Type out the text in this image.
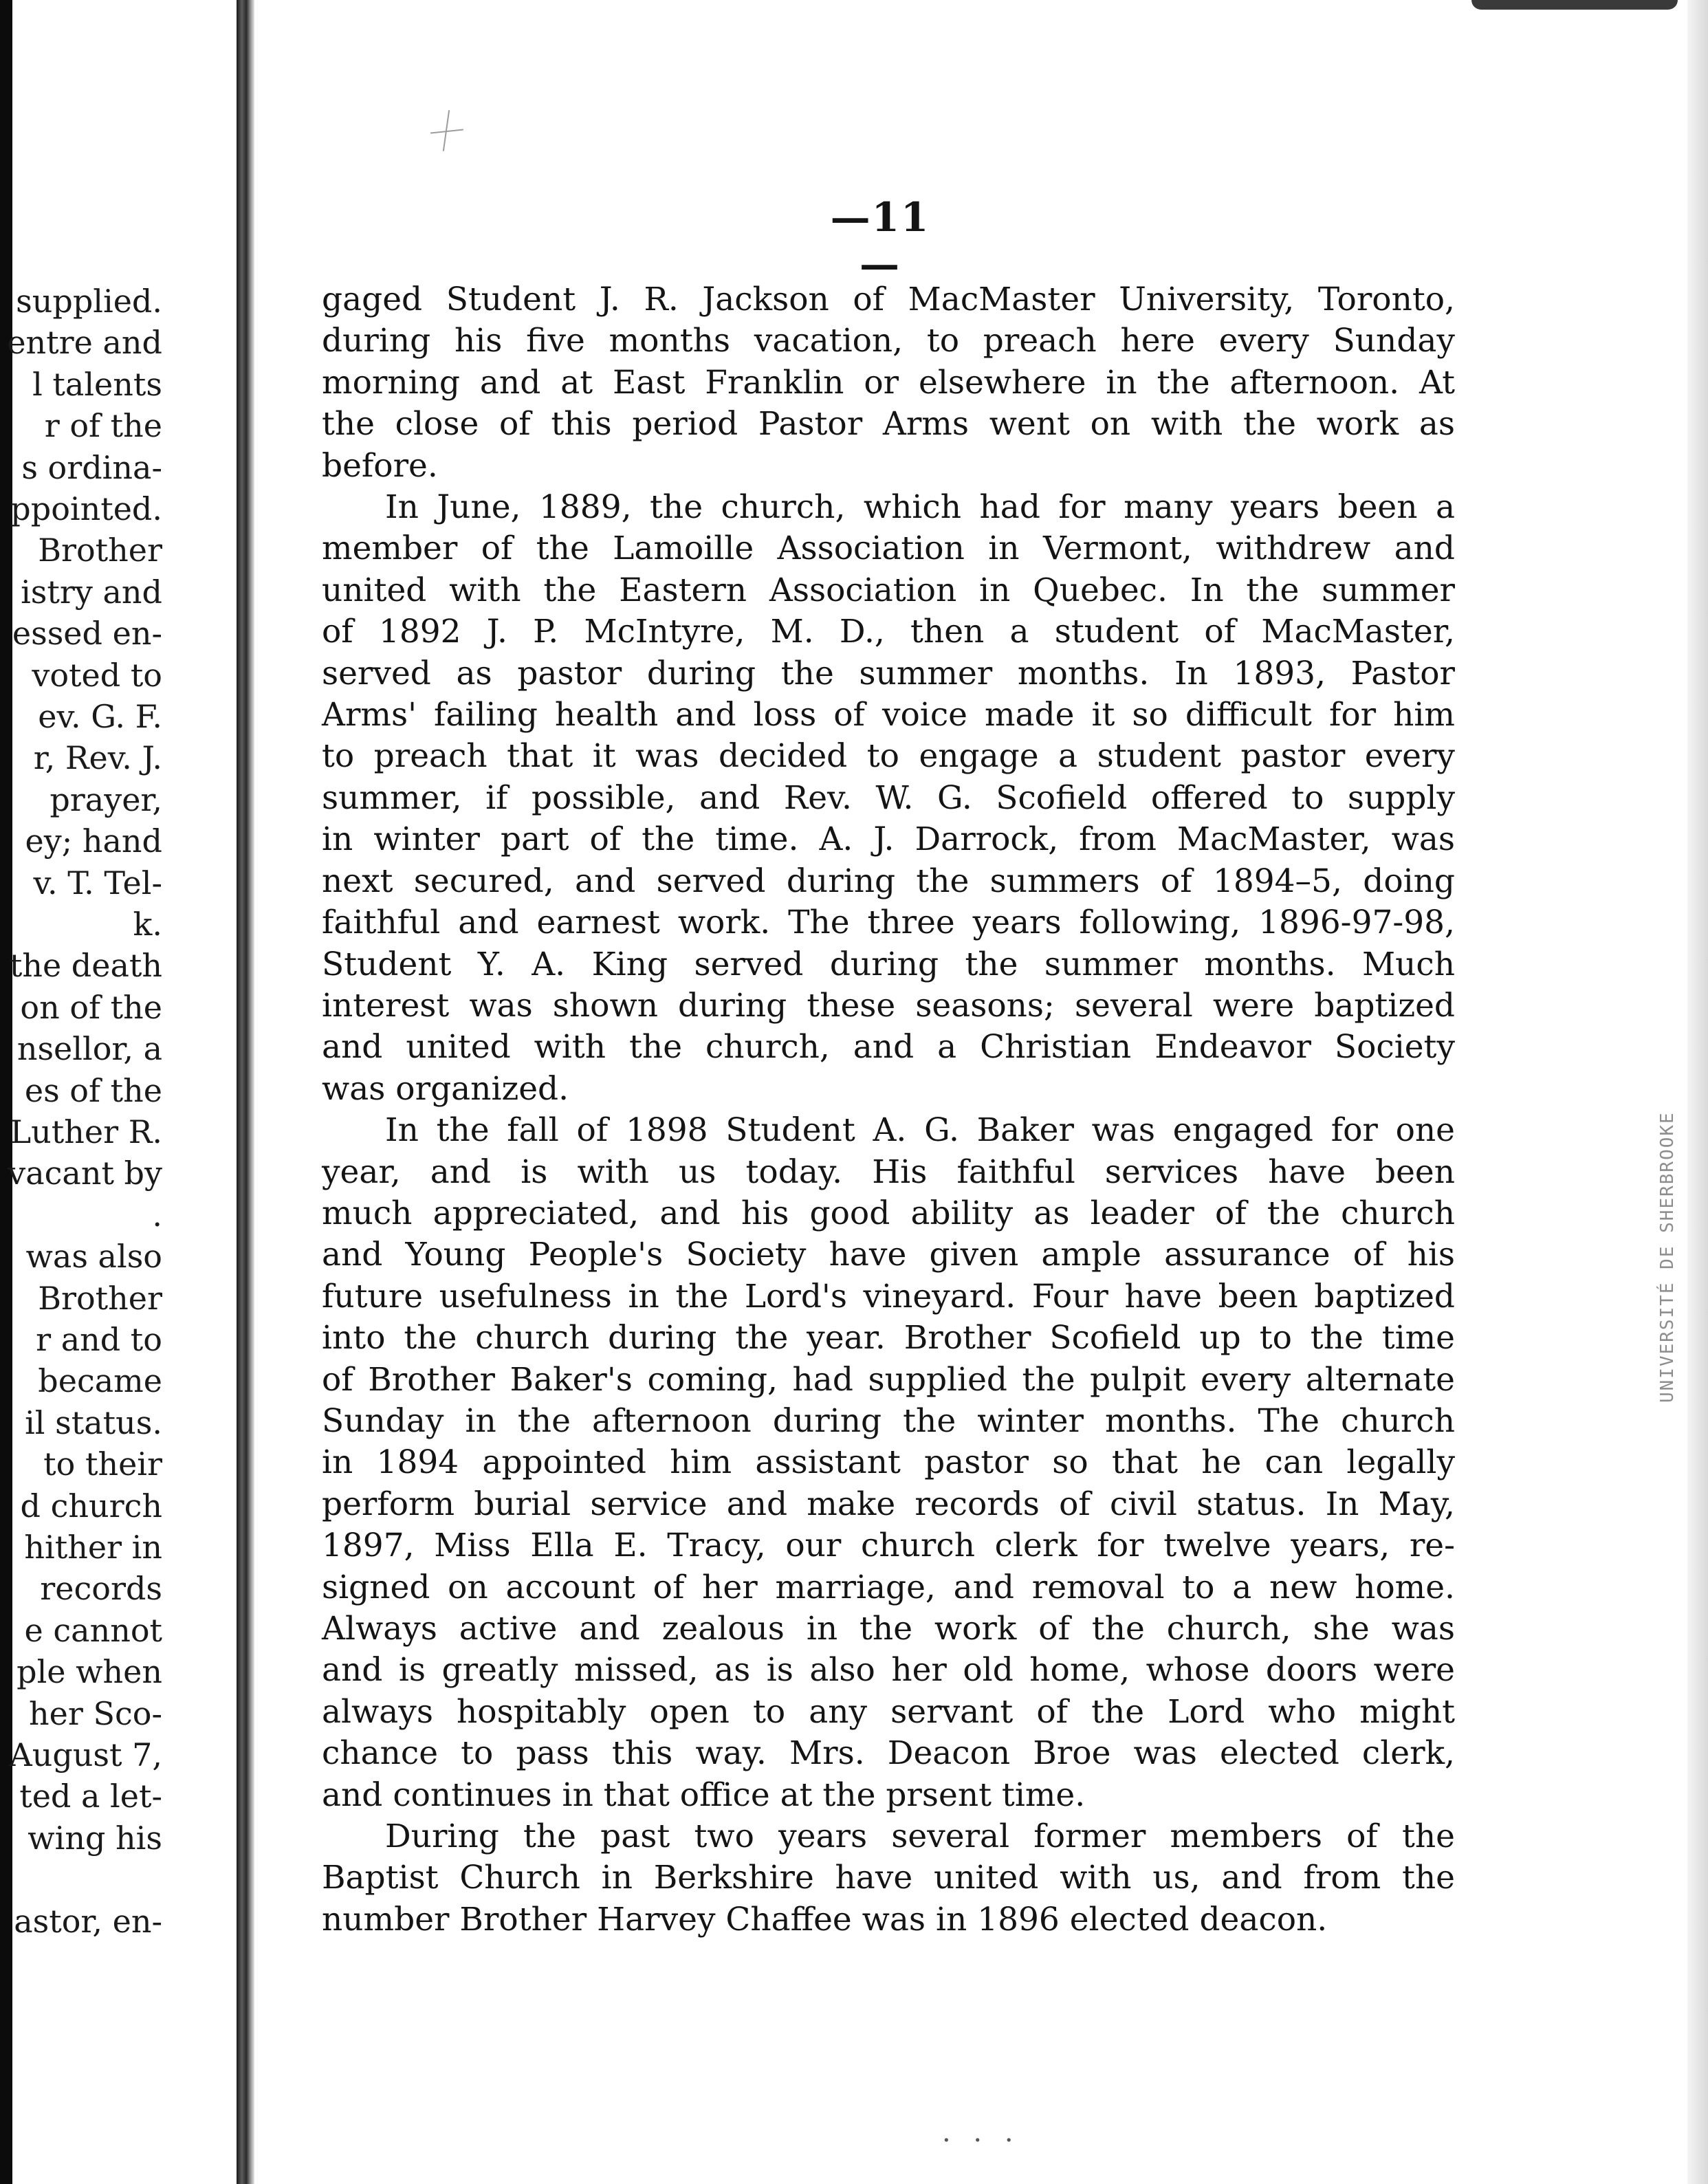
UNIVERSITÉ DE SHERBROOKE
supplied.
entre and
l talents
r of the
s ordina-
ppointed.
Brother
istry and
essed en-
voted to
ev. G. F.
r, Rev. J.
prayer,
ey; hand
v. T. Tel-
k.
the death
on of the
nsellor, a
es of the
Luther R.
vacant by
.
was also
Brother
r and to
became
il status.
to their
d church
hither in
records
e cannot
ple when
her Sco-
August 7,
ted a let-
wing his
astor, en-
—11—
gaged Student J. R. Jackson of MacMaster University, Toronto,
during his five months vacation, to preach here every Sunday
morning and at East Franklin or elsewhere in the afternoon. At
the close of this period Pastor Arms went on with the work as
before.
In June, 1889, the church, which had for many years been a
member of the Lamoille Association in Vermont, withdrew and
united with the Eastern Association in Quebec. In the summer
of 1892 J. P. McIntyre, M. D., then a student of MacMaster,
served as pastor during the summer months. In 1893, Pastor
Arms' failing health and loss of voice made it so difficult for him
to preach that it was decided to engage a student pastor every
summer, if possible, and Rev. W. G. Scofield offered to supply
in winter part of the time. A. J. Darrock, from MacMaster, was
next secured, and served during the summers of 1894–5, doing
faithful and earnest work. The three years following, 1896-97-98,
Student Y. A. King served during the summer months. Much
interest was shown during these seasons; several were baptized
and united with the church, and a Christian Endeavor Society
was organized.
In the fall of 1898 Student A. G. Baker was engaged for one
year, and is with us today. His faithful services have been
much appreciated, and his good ability as leader of the church
and Young People's Society have given ample assurance of his
future usefulness in the Lord's vineyard. Four have been baptized
into the church during the year. Brother Scofield up to the time
of Brother Baker's coming, had supplied the pulpit every alternate
Sunday in the afternoon during the winter months. The church
in 1894 appointed him assistant pastor so that he can legally
perform burial service and make records of civil status. In May,
1897, Miss Ella E. Tracy, our church clerk for twelve years, re-
signed on account of her marriage, and removal to a new home.
Always active and zealous in the work of the church, she was
and is greatly missed, as is also her old home, whose doors were
always hospitably open to any servant of the Lord who might
chance to pass this way. Mrs. Deacon Broe was elected clerk,
and continues in that office at the prsent time.
During the past two years several former members of the
Baptist Church in Berkshire have united with us, and from the
number Brother Harvey Chaffee was in 1896 elected deacon.
· · ·
